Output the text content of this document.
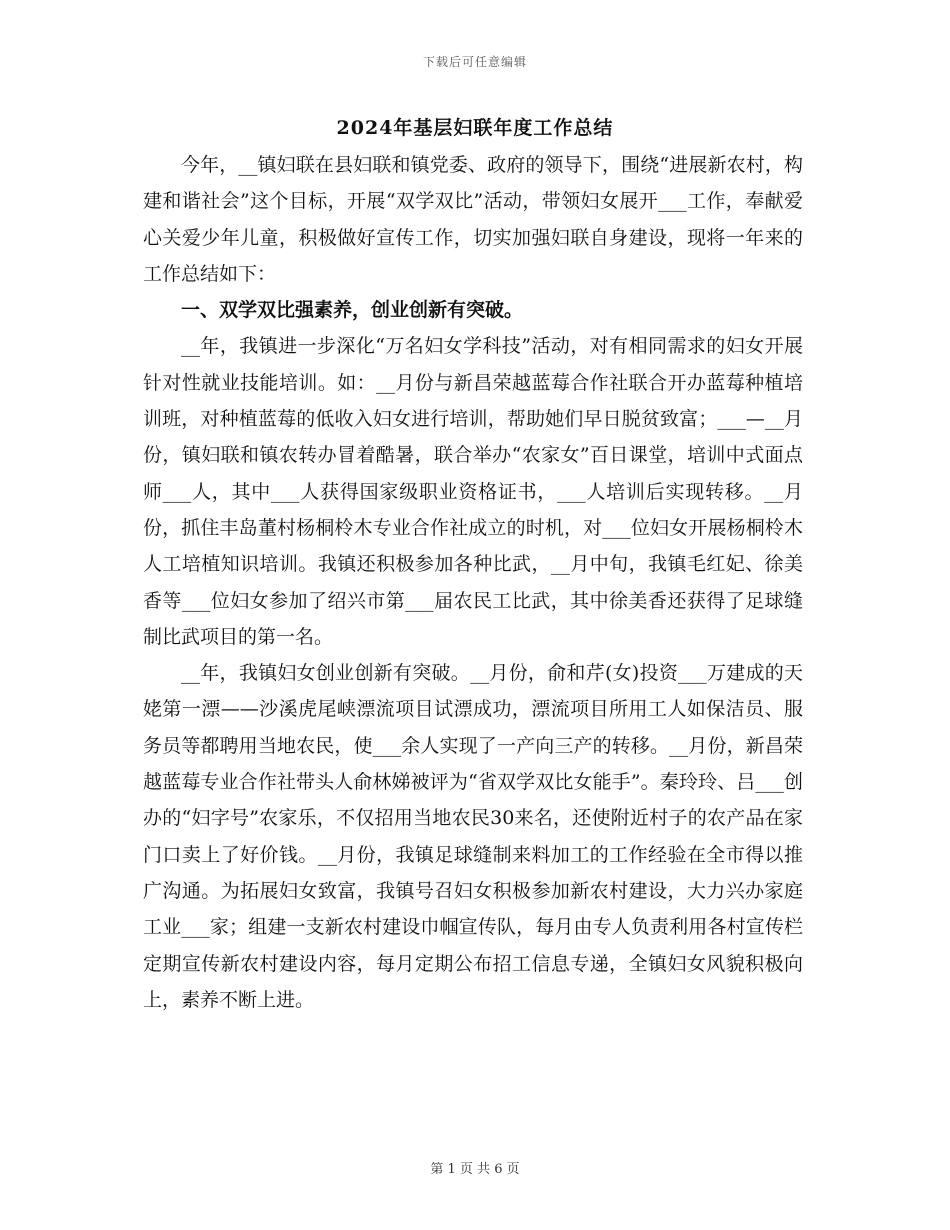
下载后可任意编辑
2024年基层妇联年度工作总结

今年，__镇妇联在县妇联和镇党委、政府的领导下，围绕“进展新农村，构建和谐社会”这个目标，开展“双学双比”活动，带领妇女展开___工作，奉献爱心关爱少年儿童，积极做好宣传工作，切实加强妇联自身建设，现将一年来的工作总结如下：

一、双学双比强素养，创业创新有突破。

__年，我镇进一步深化“万名妇女学科技”活动，对有相同需求的妇女开展针对性就业技能培训。如：__月份与新昌荣越蓝莓合作社联合开办蓝莓种植培训班，对种植蓝莓的低收入妇女进行培训，帮助她们早日脱贫致富；___—__月份，镇妇联和镇农转办冒着酷暑，联合举办“农家女”百日课堂，培训中式面点师___人，其中___人获得国家级职业资格证书，___人培训后实现转移。__月份，抓住丰岛董村杨桐柃木专业合作社成立的时机，对___位妇女开展杨桐柃木人工培植知识培训。我镇还积极参加各种比武，__月中旬，我镇毛红妃、徐美香等___位妇女参加了绍兴市第___届农民工比武，其中徐美香还获得了足球缝制比武项目的第一名。

__年，我镇妇女创业创新有突破。__月份，俞和芹(女)投资___万建成的天姥第一漂——沙溪虎尾峡漂流项目试漂成功，漂流项目所用工人如保洁员、服务员等都聘用当地农民，使___余人实现了一产向三产的转移。__月份，新昌荣越蓝莓专业合作社带头人俞林娣被评为“省双学双比女能手”。秦玲玲、吕___创办的“妇字号”农家乐，不仅招用当地农民30来名，还使附近村子的农产品在家门口卖上了好价钱。__月份，我镇足球缝制来料加工的工作经验在全市得以推广沟通。为拓展妇女致富，我镇号召妇女积极参加新农村建设，大力兴办家庭工业___家；组建一支新农村建设巾帼宣传队，每月由专人负责利用各村宣传栏定期宣传新农村建设内容，每月定期公布招工信息专递，全镇妇女风貌积极向上，素养不断上进。

第 1 页 共 6 页
